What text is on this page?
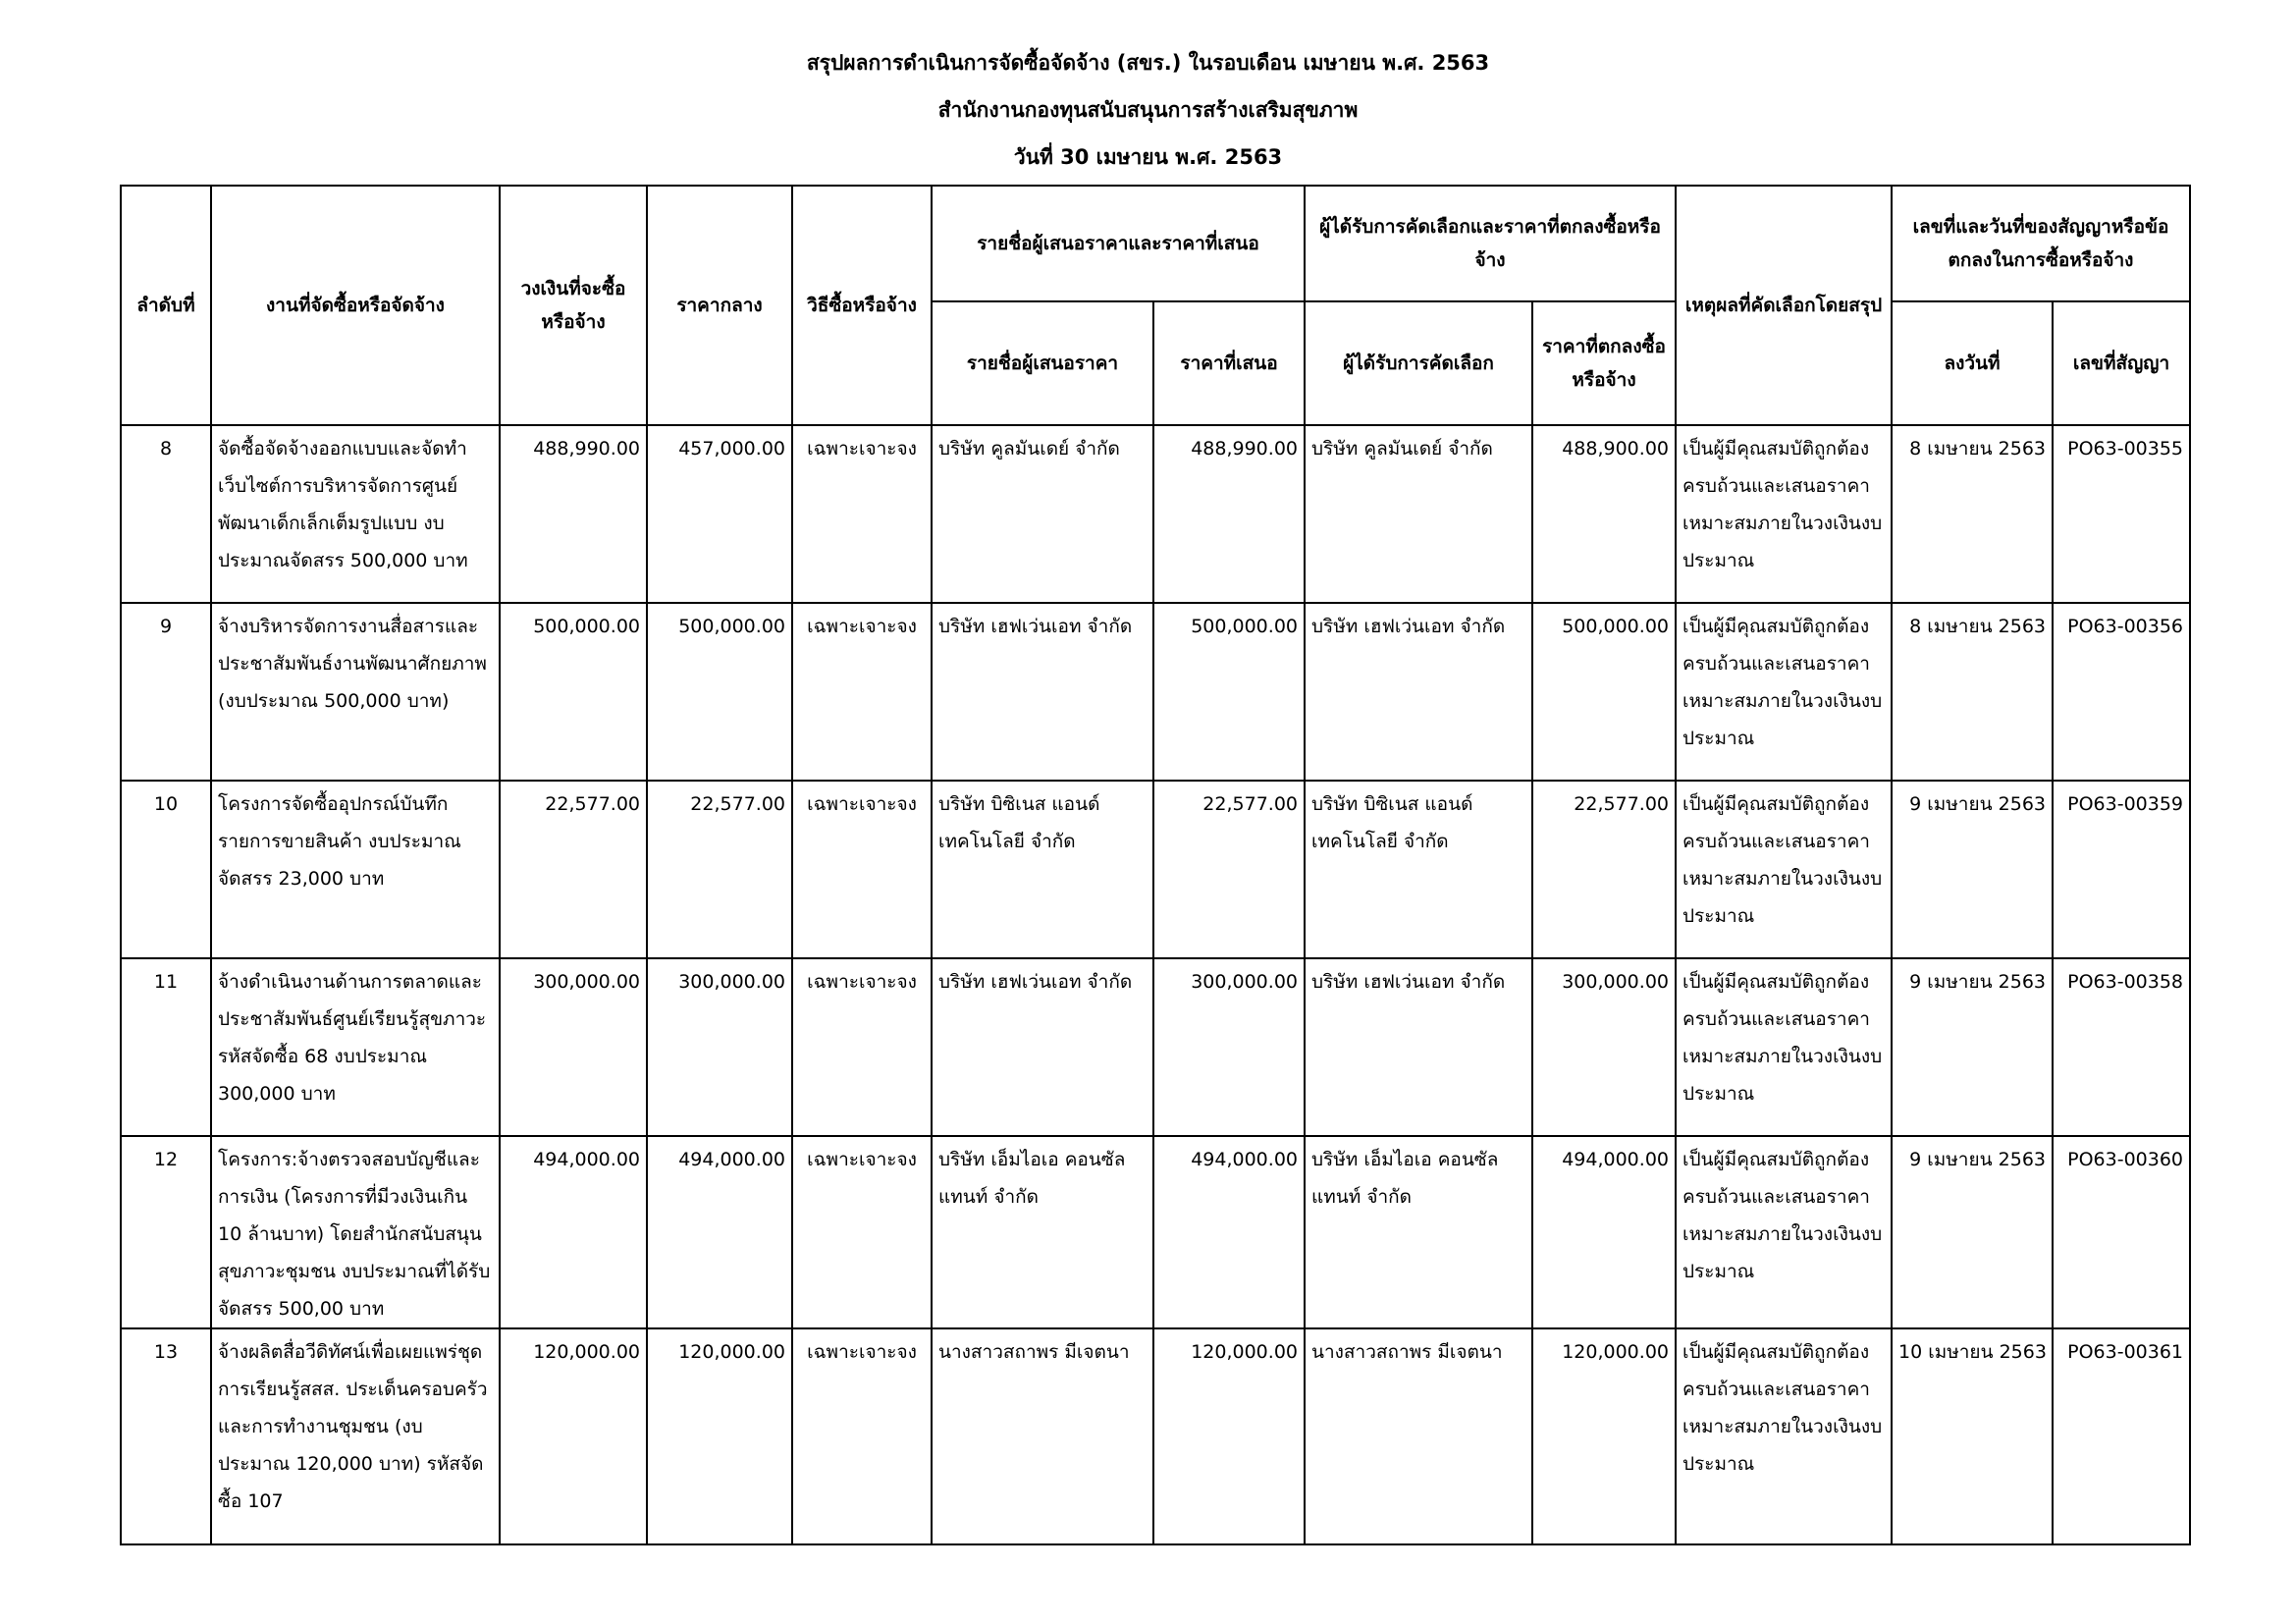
สรุปผลการดำเนินการจัดซื้อจัดจ้าง (สขร.) ในรอบเดือน เมษายน พ.ศ. 2563
สำนักงานกองทุนสนับสนุนการสร้างเสริมสุขภาพ
วันที่ 30 เมษายน พ.ศ. 2563
ลำดับที่	งานที่จัดซื้อหรือจัดจ้าง	วงเงินที่จะซื้อหรือจ้าง	ราคากลาง	วิธีซื้อหรือจ้าง	รายชื่อผู้เสนอราคาและราคาที่เสนอ		ผู้ได้รับการคัดเลือกและราคาที่ตกลงซื้อหรือจ้าง		เหตุผลที่คัดเลือกโดยสรุป	เลขที่และวันที่ของสัญญาหรือข้อตกลงในการซื้อหรือจ้าง	
					รายชื่อผู้เสนอราคา	ราคาที่เสนอ	ผู้ได้รับการคัดเลือก	ราคาที่ตกลงซื้อหรือจ้าง		ลงวันที่	เลขที่สัญญา
8	จัดซื้อจัดจ้างออกแบบและจัดทำเว็บไซต์การบริหารจัดการศูนย์พัฒนาเด็กเล็กเต็มรูปแบบ งบประมาณจัดสรร 500,000 บาท	488,990.00	457,000.00	เฉพาะเจาะจง	บริษัท คูลมันเดย์ จำกัด	488,990.00	บริษัท คูลมันเดย์ จำกัด	488,900.00	เป็นผู้มีคุณสมบัติถูกต้องครบถ้วนและเสนอราคาเหมาะสมภายในวงเงินงบประมาณ	8 เมษายน 2563	PO63-00355
9	จ้างบริหารจัดการงานสื่อสารและประชาสัมพันธ์งานพัฒนาศักยภาพ (งบประมาณ 500,000 บาท)	500,000.00	500,000.00	เฉพาะเจาะจง	บริษัท เฮฟเว่นเอท จำกัด	500,000.00	บริษัท เฮฟเว่นเอท จำกัด	500,000.00	เป็นผู้มีคุณสมบัติถูกต้องครบถ้วนและเสนอราคาเหมาะสมภายในวงเงินงบประมาณ	8 เมษายน 2563	PO63-00356
10	โครงการจัดซื้ออุปกรณ์บันทึกรายการขายสินค้า งบประมาณจัดสรร 23,000 บาท	22,577.00	22,577.00	เฉพาะเจาะจง	บริษัท บิซิเนส แอนด์ เทคโนโลยี จำกัด	22,577.00	บริษัท บิซิเนส แอนด์ เทคโนโลยี จำกัด	22,577.00	เป็นผู้มีคุณสมบัติถูกต้องครบถ้วนและเสนอราคาเหมาะสมภายในวงเงินงบประมาณ	9 เมษายน 2563	PO63-00359
11	จ้างดำเนินงานด้านการตลาดและประชาสัมพันธ์ศูนย์เรียนรู้สุขภาวะ รหัสจัดซื้อ 68 งบประมาณ 300,000 บาท	300,000.00	300,000.00	เฉพาะเจาะจง	บริษัท เฮฟเว่นเอท จำกัด	300,000.00	บริษัท เฮฟเว่นเอท จำกัด	300,000.00	เป็นผู้มีคุณสมบัติถูกต้องครบถ้วนและเสนอราคาเหมาะสมภายในวงเงินงบประมาณ	9 เมษายน 2563	PO63-00358
12	โครงการ:จ้างตรวจสอบบัญชีและการเงิน (โครงการที่มีวงเงินเกิน 10 ล้านบาท) โดยสำนักสนับสนุนสุขภาวะชุมชน งบประมาณที่ได้รับจัดสรร 500,00 บาท	494,000.00	494,000.00	เฉพาะเจาะจง	บริษัท เอ็มไอเอ คอนซัลแทนท์ จำกัด	494,000.00	บริษัท เอ็มไอเอ คอนซัลแทนท์ จำกัด	494,000.00	เป็นผู้มีคุณสมบัติถูกต้องครบถ้วนและเสนอราคาเหมาะสมภายในวงเงินงบประมาณ	9 เมษายน 2563	PO63-00360
13	จ้างผลิตสื่อวีดิทัศน์เพื่อเผยแพร่ชุดการเรียนรู้สสส. ประเด็นครอบครัวและการทำงานชุมชน (งบประมาณ 120,000 บาท) รหัสจัดซื้อ 107	120,000.00	120,000.00	เฉพาะเจาะจง	นางสาวสถาพร มีเจตนา	120,000.00	นางสาวสถาพร มีเจตนา	120,000.00	เป็นผู้มีคุณสมบัติถูกต้องครบถ้วนและเสนอราคาเหมาะสมภายในวงเงินงบประมาณ	10 เมษายน 2563	PO63-00361
